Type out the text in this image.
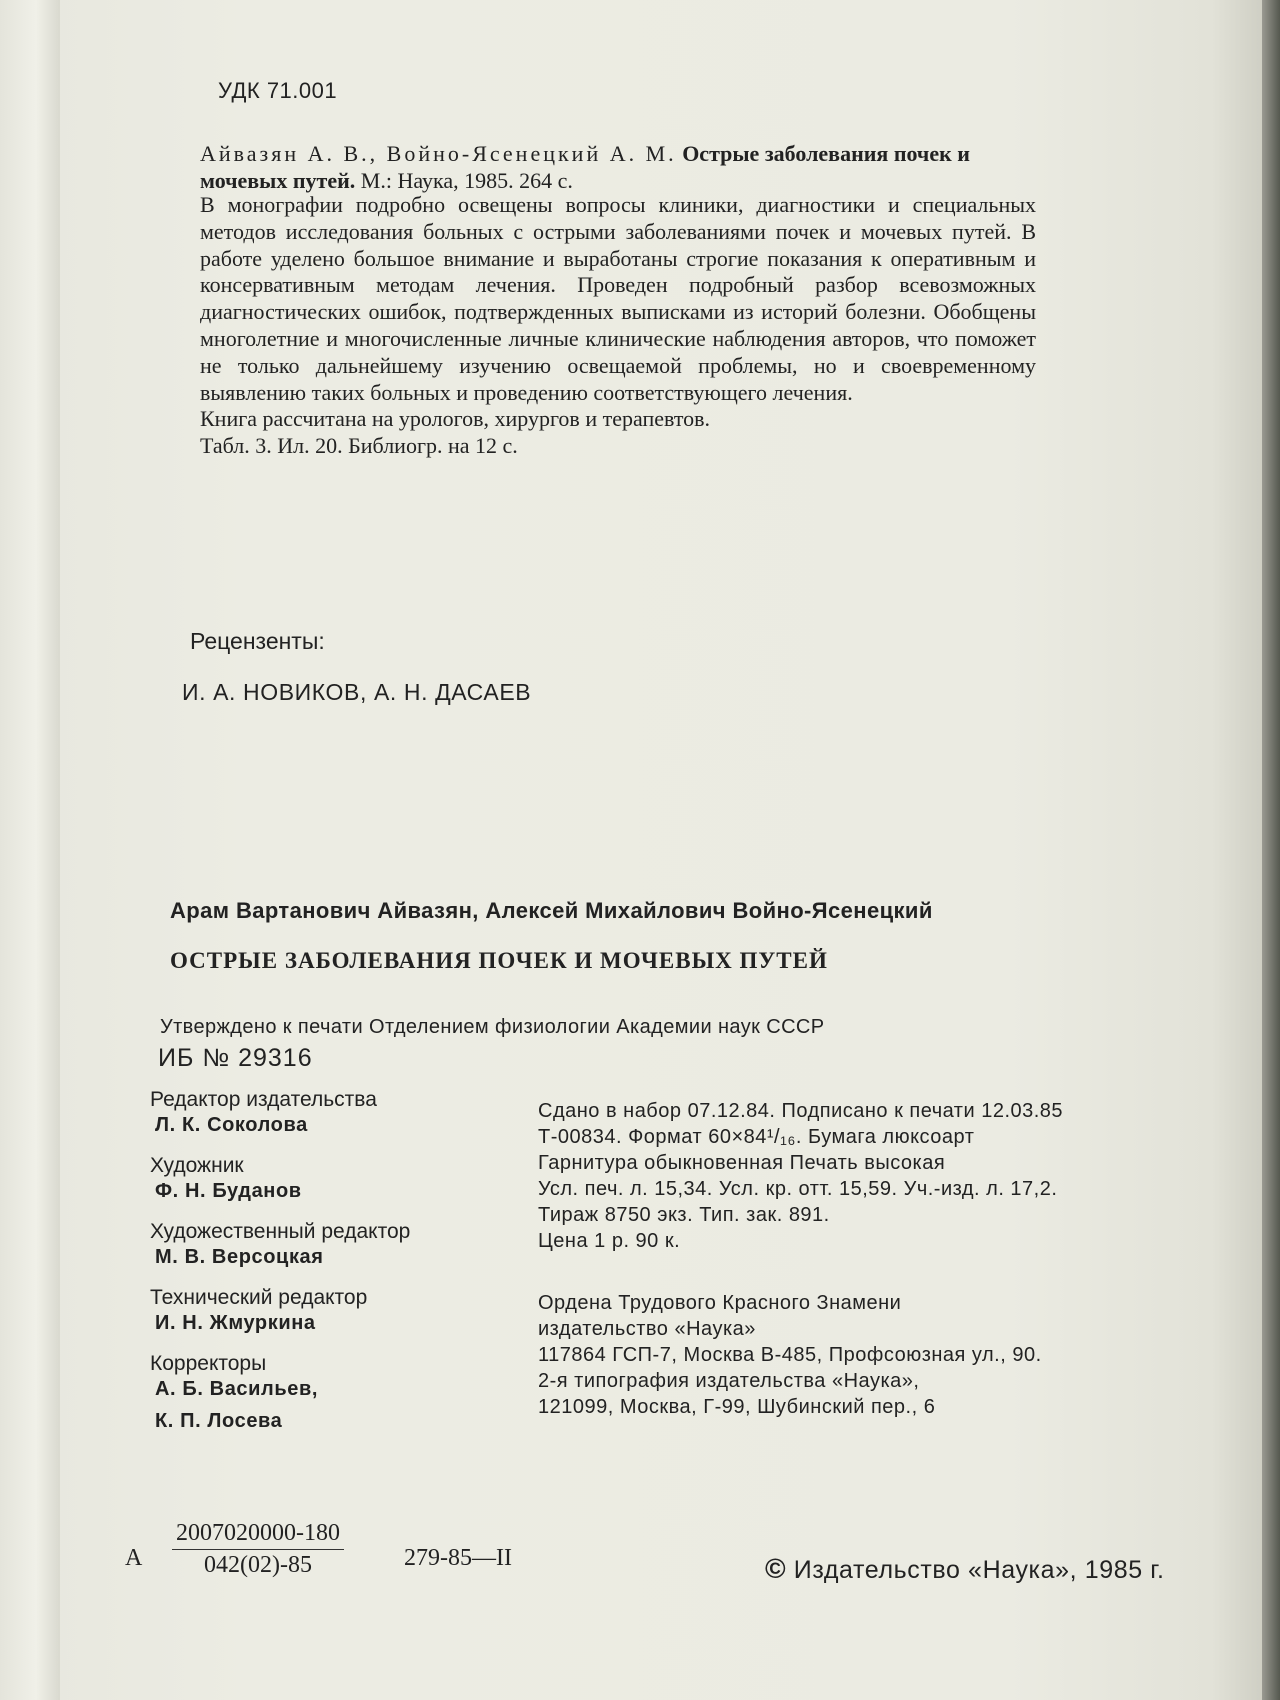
УДК 71.001
Айвазян А. В., Войно-Ясенецкий А. М. Острые заболевания почек и мочевых путей. М.: Наука, 1985. 264 с.

В монографии подробно освещены вопросы клиники, диагностики и специальных методов исследования больных с острыми заболеваниями почек и мочевых путей. В работе уделено большое внимание и выработаны строгие показания к оперативным и консервативным методам лечения. Проведен подробный разбор всевозможных диагностических ошибок, подтвержденных выписками из историй болезни. Обобщены многолетние и многочисленные личные клинические наблюдения авторов, что поможет не только дальнейшему изучению освещаемой проблемы, но и своевременному выявлению таких больных и проведению соответствующего лечения.

Книга рассчитана на урологов, хирургов и терапевтов.

Табл. 3. Ил. 20. Библиогр. на 12 с.

Рецензенты:
И. А. НОВИКОВ, А. Н. ДАСАЕВ
Арам Вартанович Айвазян, Алексей Михайлович Войно-Ясенецкий
ОСТРЫЕ ЗАБОЛЕВАНИЯ ПОЧЕК И МОЧЕВЫХ ПУТЕЙ
Утверждено к печати Отделением физиологии Академии наук СССР
ИБ № 29316
Редактор издательства
Л. К. Соколова
Художник
Ф. Н. Буданов
Художественный редактор
М. В. Версоцкая
Технический редактор
И. Н. Жмуркина
Корректоры
А. Б. Васильев,
К. П. Лосева
Сдано в набор 07.12.84. Подписано к печати 12.03.85
Т-00834. Формат 60×84¹/₁₆. Бумага люксоарт
Гарнитура обыкновенная Печать высокая
Усл. печ. л. 15,34. Усл. кр. отт. 15,59. Уч.-изд. л. 17,2.
Тираж 8750 экз. Тип. зак. 891.
Цена 1 р. 90 к.
Ордена Трудового Красного Знамени
издательство «Наука»
117864 ГСП-7, Москва В-485, Профсоюзная ул., 90.
2-я типография издательства «Наука»,
121099, Москва, Г-99, Шубинский пер., 6
А $\frac{2007020000-180}{042(02)-85}$	279-85—II	© Издательство «Наука», 1985 г.
